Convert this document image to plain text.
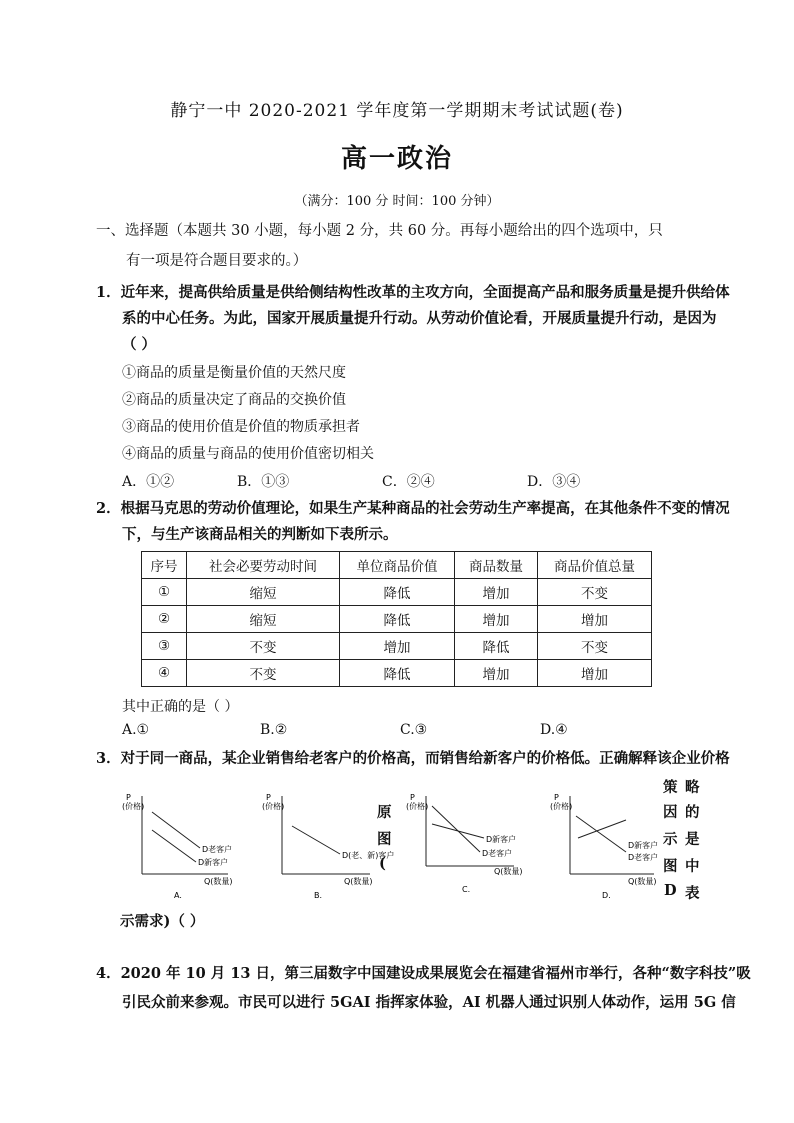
静宁一中 2020-2021 学年度第一学期期末考试试题(卷)
高一政治
（满分：100 分 时间：100 分钟）
一、选择题（本题共 30 小题，每小题 2 分，共 60 分。再每小题给出的四个选项中，只
有一项是符合题目要求的。）
1．近年来，提高供给质量是供给侧结构性改革的主攻方向，全面提高产品和服务质量是提升供给体
系的中心任务。为此，国家开展质量提升行动。从劳动价值论看，开展质量提升行动，是因为
（ ）
①商品的质量是衡量价值的天然尺度
②商品的质量决定了商品的交换价值
③商品的使用价值是价值的物质承担者
④商品的质量与商品的使用价值密切相关
A．①②	B．①③	C．②④	D．③④
2．根据马克思的劳动价值理论，如果生产某种商品的社会劳动生产率提高，在其他条件不变的情况
下，与生产该商品相关的判断如下表所示。
序号	社会必要劳动时间	单位商品价值	商品数量	商品价值总量
①	缩短	降低	增加	不变
②	缩短	降低	增加	增加
③	不变	增加	降低	不变
④	不变	降低	增加	增加
其中正确的是（ ）
A.①	B.②	C.③	D.④
3．对于同一商品，某企业销售给老客户的价格高，而销售给新客户的价格低。正确解释该企业价格
策 略
原	因 的
图	示 是
(	图 中
D 表
P
(价格)
D老客户
D新客户
Q(数量)
A.
P
(价格)
D(老、新)客户
Q(数量)
B.
P
(价格)
D新客户
D老客户
Q(数量)
C.
P
(价格)
D新客户
D老客户
Q(数量)
D.
示需求)（ ）
4．2020 年 10 月 13 日，第三届数字中国建设成果展览会在福建省福州市举行，各种“数字科技”吸
引民众前来参观。市民可以进行 5GAI 指挥家体验，AI 机器人通过识别人体动作，运用 5G 信
